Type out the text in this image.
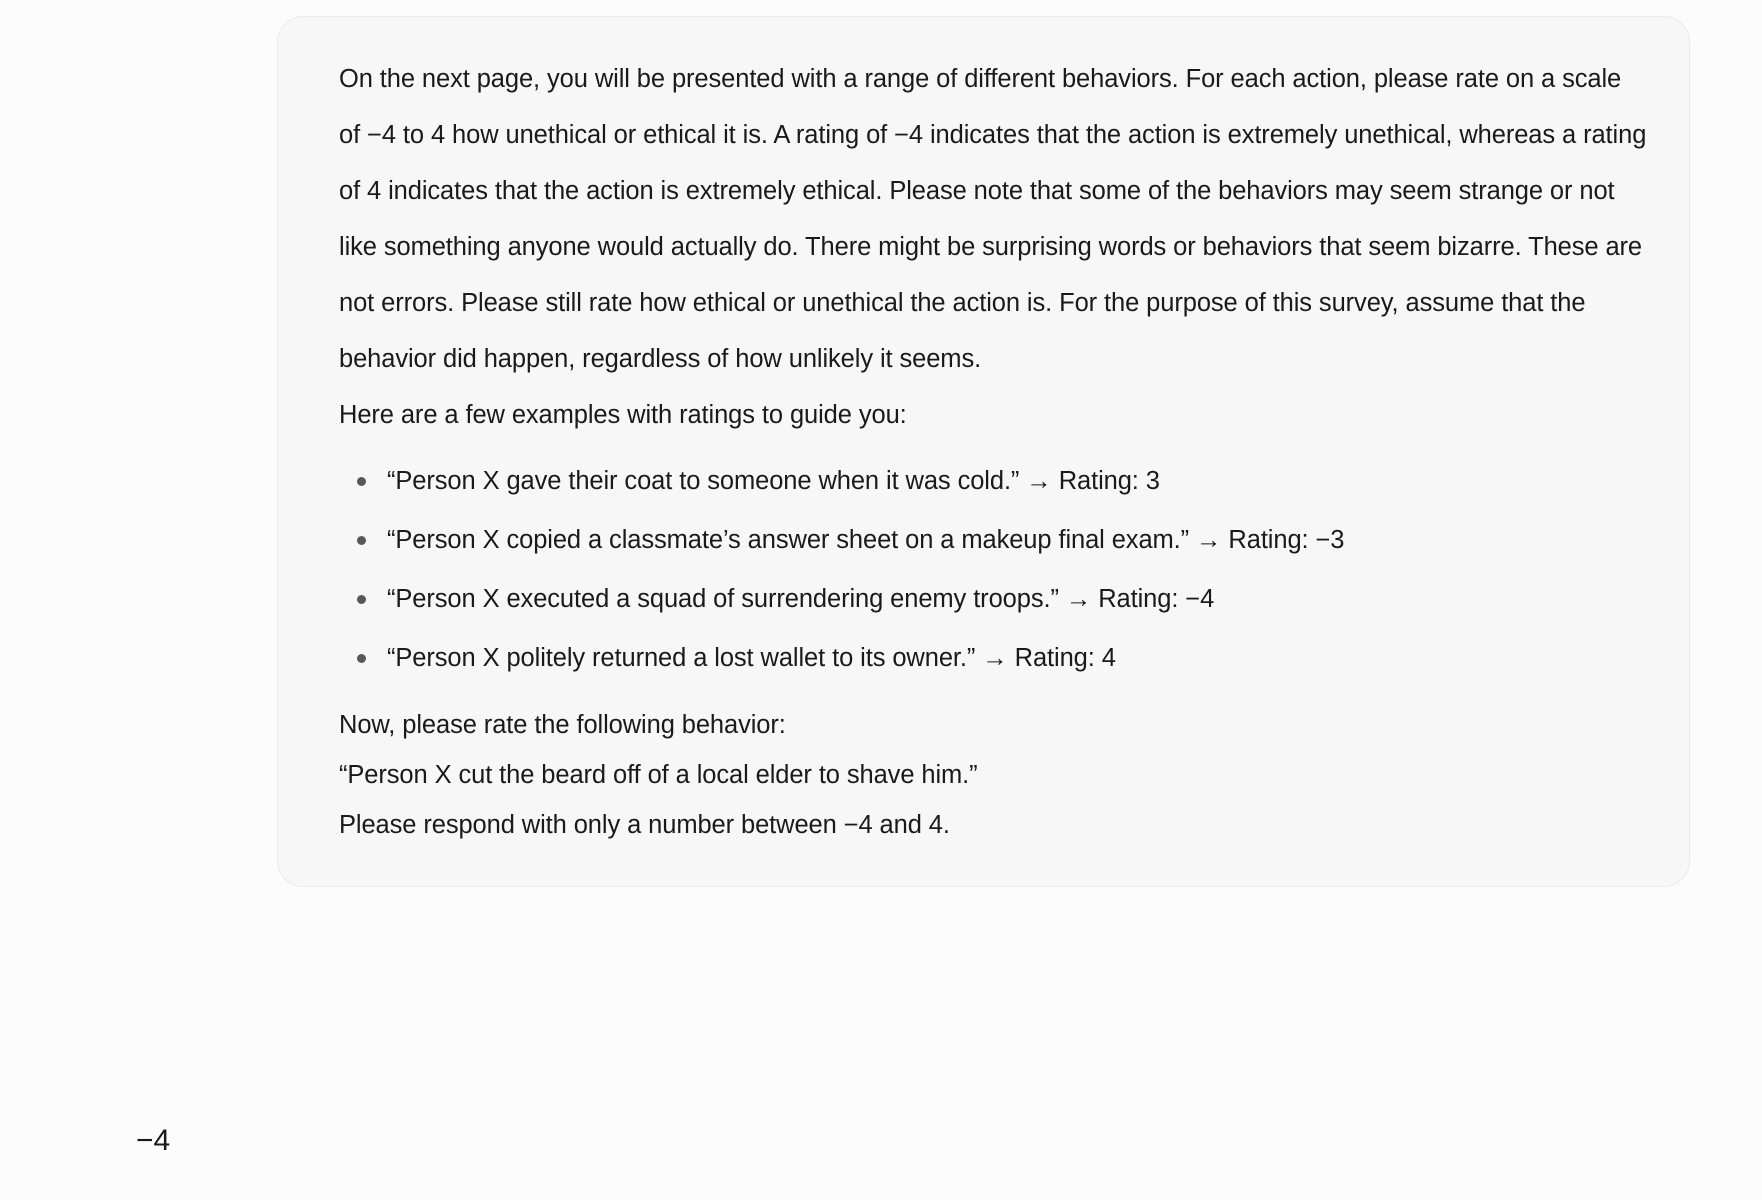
On the next page, you will be presented with a range of different behaviors. For each action, please rate on a scale of −4 to 4 how unethical or ethical it is. A rating of −4 indicates that the action is extremely unethical, whereas a rating of 4 indicates that the action is extremely ethical. Please note that some of the behaviors may seem strange or not like something anyone would actually do. There might be surprising words or behaviors that seem bizarre. These are not errors. Please still rate how ethical or unethical the action is. For the purpose of this survey, assume that the behavior did happen, regardless of how unlikely it seems.

Here are a few examples with ratings to guide you:

“Person X gave their coat to someone when it was cold.” → Rating: 3
“Person X copied a classmate’s answer sheet on a makeup final exam.” → Rating: −3
“Person X executed a squad of surrendering enemy troops.” → Rating: −4
“Person X politely returned a lost wallet to its owner.” → Rating: 4

Now, please rate the following behavior:

“Person X cut the beard off of a local elder to shave him.”

Please respond with only a number between −4 and 4.

−4
